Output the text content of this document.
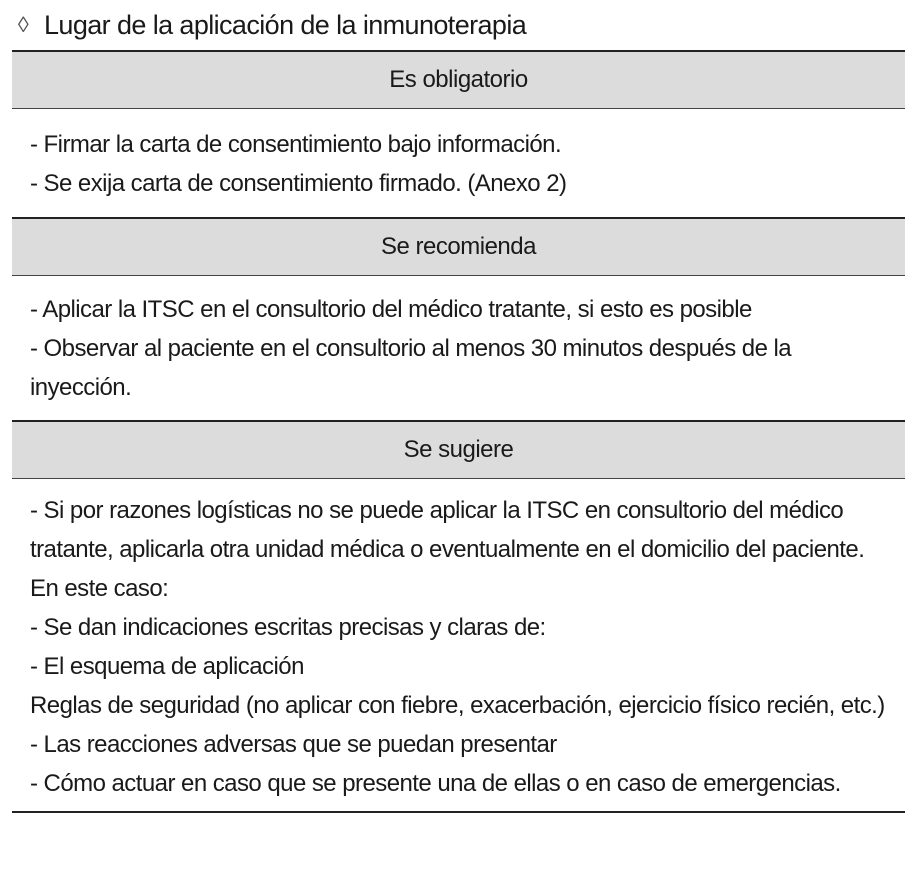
◊ Lugar de la aplicación de la inmunoterapia
Es obligatorio
- Firmar la carta de consentimiento bajo información.
- Se exija carta de consentimiento firmado. (Anexo 2)
Se recomienda
- Aplicar la ITSC en el consultorio del médico tratante, si esto es posible
- Observar al paciente en el consultorio al menos 30 minutos después de la inyección.
Se sugiere
- Si por razones logísticas no se puede aplicar la ITSC en consultorio del médico tratante, aplicarla otra unidad médica o eventualmente en el domicilio del paciente. En este caso:
- Se dan indicaciones escritas precisas y claras de:
- El esquema de aplicación
Reglas de seguridad (no aplicar con fiebre, exacerbación, ejercicio físico recién, etc.)
- Las reacciones adversas que se puedan presentar
- Cómo actuar en caso que se presente una de ellas o en caso de emergencias.
